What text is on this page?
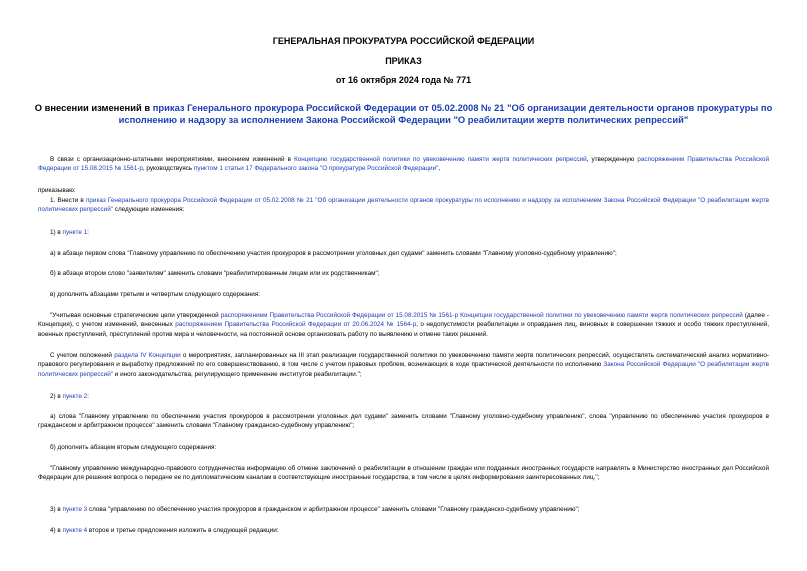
ГЕНЕРАЛЬНАЯ ПРОКУРАТУРА РОССИЙСКОЙ ФЕДЕРАЦИИ
ПРИКАЗ
от 16 октября 2024 года № 771
О внесении изменений в приказ Генерального прокурора Российской Федерации от 05.02.2008 № 21 "Об организации деятельности органов прокуратуры по исполнению и надзору за исполнением Закона Российской Федерации "О реабилитации жертв политических репрессий"
В связи с организационно-штатными мероприятиями, внесением изменений в Концепцию государственной политики по увековечению памяти жертв политических репрессий, утвержденную распоряжением Правительства Российской Федерации от 15.08.2015 № 1561-р, руководствуясь пунктом 1 статьи 17 Федерального закона "О прокуратуре Российской Федерации",
приказываю:
1. Внести в приказ Генерального прокурора Российской Федерации от 05.02.2008 № 21 "Об организации деятельности органов прокуратуры по исполнению и надзору за исполнением Закона Российской Федерации "О реабилитации жертв политических репрессий" следующие изменения:
1) в пункте 1:
а) в абзаце первом слова "Главному управлению по обеспечению участия прокуроров в рассмотрении уголовных дел судами" заменить словами "Главному уголовно-судебному управлению";
б) в абзаце втором слово "заявителям" заменить словами "реабилитированным лицам или их родственникам";
в) дополнить абзацами третьим и четвертым следующего содержания:
"Учитывая основные стратегические цели утвержденной распоряжением Правительства Российской Федерации от 15.08.2015 № 1561-р Концепции государственной политики по увековечению памяти жертв политических репрессий (далее - Концепция), с учетом изменений, внесенных распоряжением Правительства Российской Федерации от 20.06.2024 № 1564-р, о недопустимости реабилитации и оправдания лиц, виновных в совершении тяжких и особо тяжких преступлений, военных преступлений, преступлений против мира и человечности, на постоянной основе организовать работу по выявлению и отмене таких решений.
С учетом положений раздела IV Концепции о мероприятиях, запланированных на III этап реализации государственной политики по увековечению памяти жертв политических репрессий, осуществлять систематический анализ нормативно-правового регулирования и выработку предложений по его совершенствованию, в том числе с учетом правовых проблем, возникающих в ходе практической деятельности по исполнению Закона Российской Федерации "О реабилитации жертв политических репрессий" и иного законодательства, регулирующего применение институтов реабилитации.";
2) в пункте 2:
а) слова "Главному управлению по обеспечению участия прокуроров в рассмотрении уголовных дел судами" заменить словами "Главному уголовно-судебному управлению", слова "управлению по обеспечению участия прокуроров в гражданском и арбитражном процессе" заменить словами "Главному гражданско-судебному управлению";
б) дополнить абзацем вторым следующего содержания:
"Главному управлению международно-правового сотрудничества информацию об отмене заключений о реабилитации в отношении граждан или подданных иностранных государств направлять в Министерство иностранных дел Российской Федерации для решения вопроса о передаче ее по дипломатическим каналам в соответствующие иностранные государства, в том числе в целях информирования заинтересованных лиц.";
3) в пункте 3 слова "управлению по обеспечению участия прокуроров в гражданском и арбитражном процессе" заменить словами "Главному гражданско-судебному управлению";
4) в пункте 4 второе и третье предложения изложить в следующей редакции:
